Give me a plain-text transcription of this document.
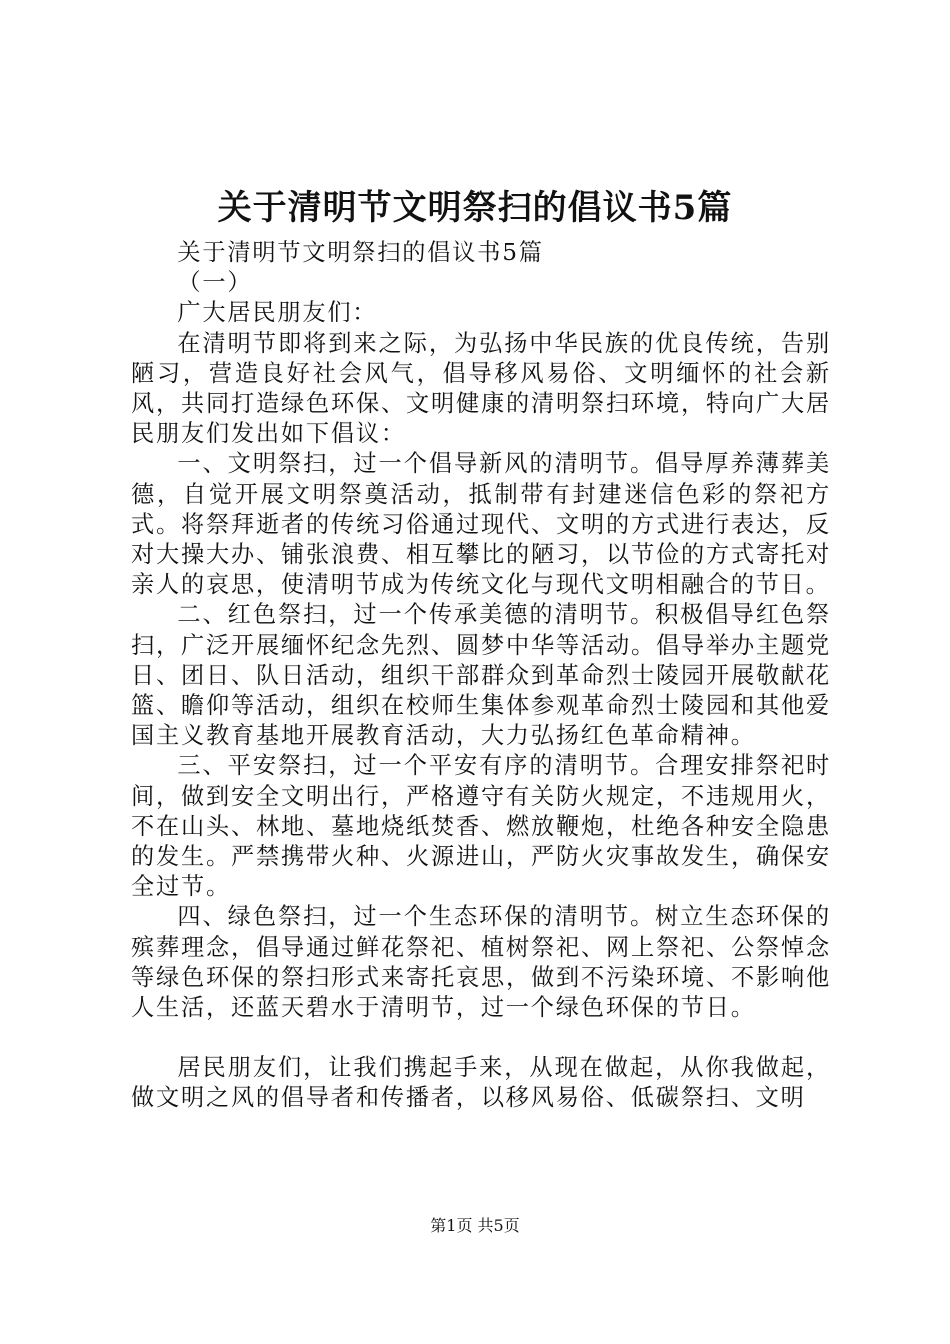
关于清明节文明祭扫的倡议书5篇

关于清明节文明祭扫的倡议书5篇

（一）

广大居民朋友们：

在清明节即将到来之际，为弘扬中华民族的优良传统，告别陋习，营造良好社会风气，倡导移风易俗、文明缅怀的社会新风，共同打造绿色环保、文明健康的清明祭扫环境，特向广大居民朋友们发出如下倡议：

一、文明祭扫，过一个倡导新风的清明节。倡导厚养薄葬美德，自觉开展文明祭奠活动，抵制带有封建迷信色彩的祭祀方式。将祭拜逝者的传统习俗通过现代、文明的方式进行表达，反对大操大办、铺张浪费、相互攀比的陋习，以节俭的方式寄托对亲人的哀思，使清明节成为传统文化与现代文明相融合的节日。

二、红色祭扫，过一个传承美德的清明节。积极倡导红色祭扫，广泛开展缅怀纪念先烈、圆梦中华等活动。倡导举办主题党日、团日、队日活动，组织干部群众到革命烈士陵园开展敬献花篮、瞻仰等活动，组织在校师生集体参观革命烈士陵园和其他爱国主义教育基地开展教育活动，大力弘扬红色革命精神。

三、平安祭扫，过一个平安有序的清明节。合理安排祭祀时间，做到安全文明出行，严格遵守有关防火规定，不违规用火，不在山头、林地、墓地烧纸焚香、燃放鞭炮，杜绝各种安全隐患的发生。严禁携带火种、火源进山，严防火灾事故发生，确保安全过节。

四、绿色祭扫，过一个生态环保的清明节。树立生态环保的殡葬理念，倡导通过鲜花祭祀、植树祭祀、网上祭祀、公祭悼念等绿色环保的祭扫形式来寄托哀思，做到不污染环境、不影响他人生活，还蓝天碧水于清明节，过一个绿色环保的节日。

居民朋友们，让我们携起手来，从现在做起，从你我做起，做文明之风的倡导者和传播者，以移风易俗、低碳祭扫、文明

第1页 共5页
